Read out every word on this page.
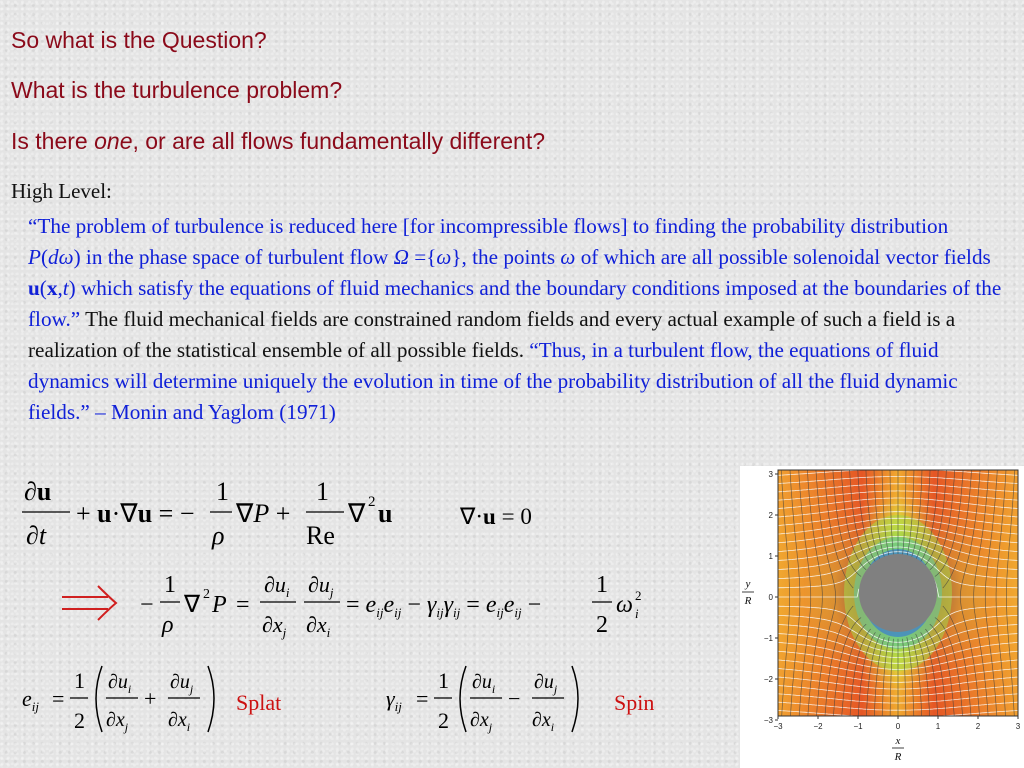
So what is the Question?

What is the turbulence problem?

Is there one, or are all flows fundamentally different?

High Level:
“The problem of turbulence is reduced here [for incompressible flows] to finding the probability distribution P(dω) in the phase space of turbulent flow Ω ={ω}, the points ω of which are all possible solenoidal vector fields u(x,t) which satisfy the equations of fluid mechanics and the boundary conditions imposed at the boundaries of the flow.” The fluid mechanical fields are constrained random fields and every actual example of such a field is a realization of the statistical ensemble of all possible fields. “Thus, in a turbulent flow, the equations of fluid dynamics will determine uniquely the evolution in time of the probability distribution of all the fluid dynamic fields.” – Monin and Yaglom (1971)
∂u
∂t
+ u·∇u = −
1
ρ
∇P +
1
Re
∇ 2 u	∇·u = 0
−
1
ρ
∇ 2 P =
$\partial u_i$
$\partial x_j$
$\partial u_j$
$\partial x_i$
= $e_{ij}e_{ij} - \gamma_{ij}\gamma_{ij} = e_{ij}e_{ij}$ −
1
2
ω 2
i
$e_{ij}$ =
1
2
$\partial u_i$
$\partial x_j$
+
$\partial u_j$
$\partial x_i$
Splat	$\gamma_{ij}$ =
1
2
$\partial u_i$
$\partial x_j$
−
$\partial u_j$
$\partial x_i$
Spin
−3	−2	−1	0	1	2	3
3
2
1
0
−1
−2
−3
x
R
y
R
